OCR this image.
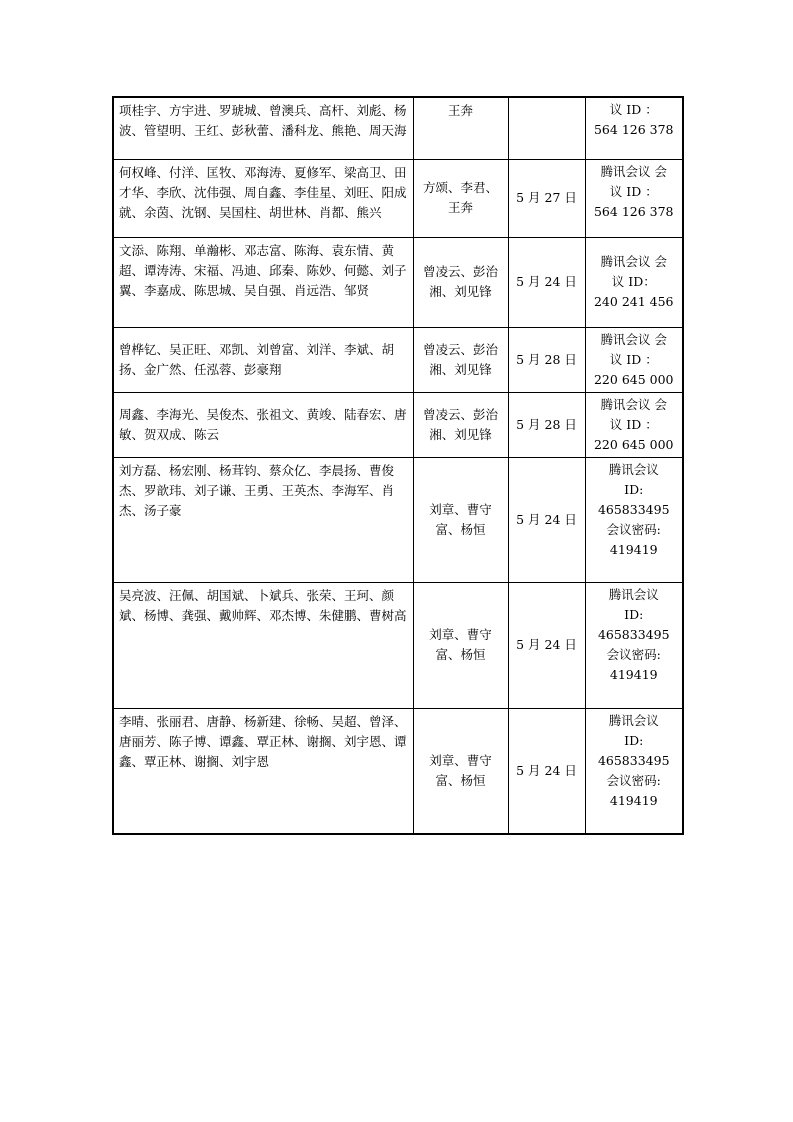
项桂宇、方宇进、罗琥城、曾澳兵、高杆、刘彪、杨波、管望明、王红、彭秋蕾、潘科龙、熊艳、周天海	王奔		议 ID ：
564 126 378

何权峰、付洋、匡牧、邓海涛、夏修军、梁高卫、田才华、李欣、沈伟强、周自鑫、李佳星、刘旺、阳成就、余茵、沈钢、吴国柱、胡世林、肖都、熊兴	方颂、李君、王奔	5 月 27 日	腾讯会议 会
议 ID ：
564 126 378

文添、陈翔、单瀚彬、邓志富、陈海、袁东情、黄超、谭涛涛、宋福、冯迪、邱秦、陈妙、何懿、刘子翼、李嘉成、陈思城、吴自强、肖远浩、邹贤	曾凌云、彭治湘、刘见锋	5 月 24 日	腾讯会议 会
议 ID：
240 241 456

曾桦钇、吴正旺、邓凯、刘曾富、刘洋、李斌、胡扬、金广然、任泓蓉、彭豪翔	曾凌云、彭治湘、刘见锋	5 月 28 日	腾讯会议 会
议 ID ：
220 645 000

周鑫、李海光、吴俊杰、张祖文、黄竣、陆春宏、唐敏、贺双成、陈云	曾凌云、彭治湘、刘见锋	5 月 28 日	腾讯会议 会
议 ID ：
220 645 000

刘方磊、杨宏刚、杨茸钧、蔡众亿、李晨扬、曹俊杰、罗歆玮、刘子谦、王勇、王英杰、李海军、肖杰、汤子豪	刘章、曹守富、杨恒	5 月 24 日	腾讯会议
ID:
465833495
会议密码:
419419

吴亮波、汪佩、胡国斌、卜斌兵、张荣、王珂、颜斌、杨博、龚强、戴帅辉、邓杰博、朱健鹏、曹树高	刘章、曹守富、杨恒	5 月 24 日	腾讯会议
ID:
465833495
会议密码:
419419

李晴、张丽君、唐静、杨新建、徐畅、吴超、曾泽、唐丽芳、陈子博、谭鑫、覃正林、谢搁、刘宇恩、谭鑫、覃正林、谢搁、刘宇恩	刘章、曹守富、杨恒	5 月 24 日	腾讯会议
ID:
465833495
会议密码:
419419
